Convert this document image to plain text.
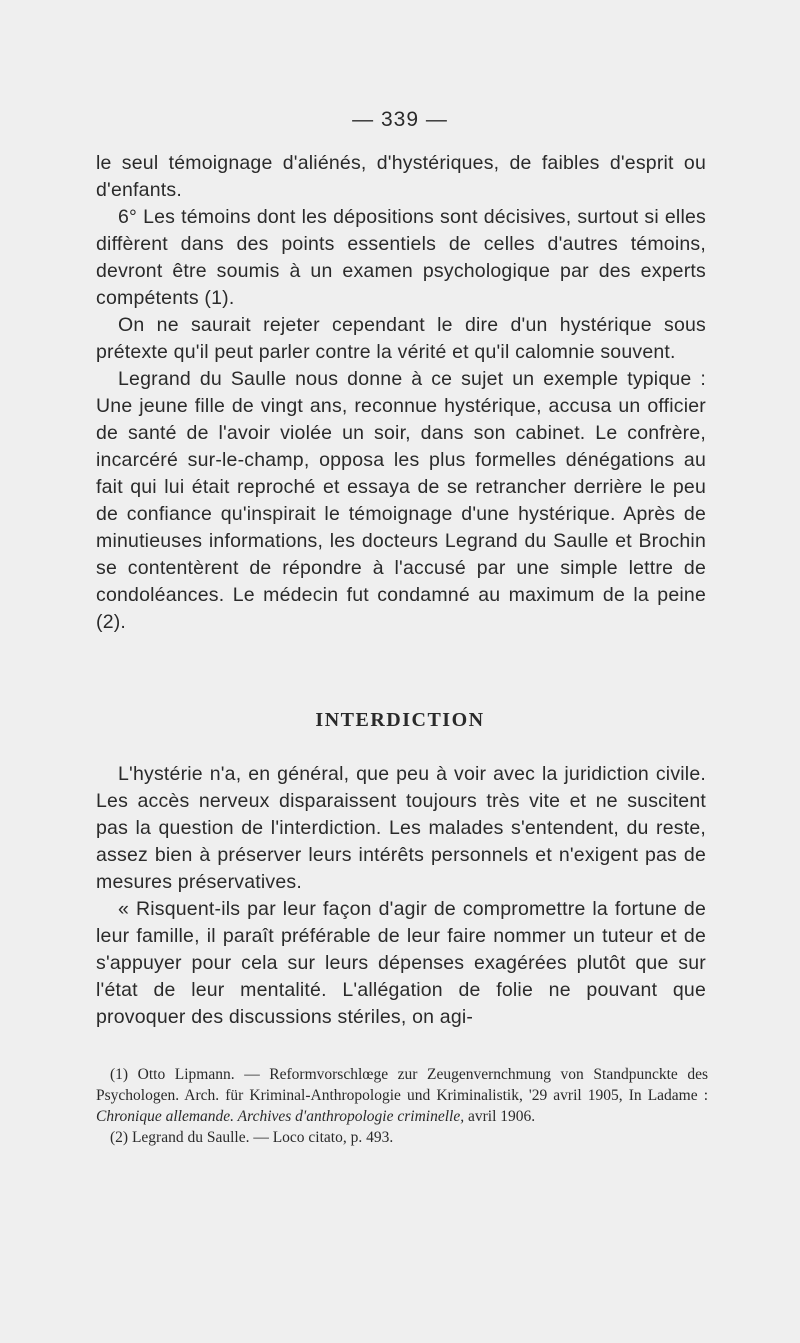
— 339 —

le seul témoignage d'aliénés, d'hystériques, de faibles d'esprit ou d'enfants.

6° Les témoins dont les dépositions sont décisives, surtout si elles diffèrent dans des points essentiels de celles d'autres témoins, devront être soumis à un examen psychologique par des experts compétents (1).

On ne saurait rejeter cependant le dire d'un hystérique sous prétexte qu'il peut parler contre la vérité et qu'il calomnie souvent.

Legrand du Saulle nous donne à ce sujet un exemple typique : Une jeune fille de vingt ans, reconnue hystérique, accusa un officier de santé de l'avoir violée un soir, dans son cabinet. Le confrère, incarcéré sur-le-champ, opposa les plus formelles dénégations au fait qui lui était reproché et essaya de se retrancher derrière le peu de confiance qu'inspirait le témoignage d'une hystérique. Après de minutieuses informations, les docteurs Legrand du Saulle et Brochin se contentèrent de répondre à l'accusé par une simple lettre de condoléances. Le médecin fut condamné au maximum de la peine (2).

INTERDICTION

L'hystérie n'a, en général, que peu à voir avec la juridiction civile. Les accès nerveux disparaissent toujours très vite et ne suscitent pas la question de l'interdiction. Les malades s'entendent, du reste, assez bien à préserver leurs intérêts personnels et n'exigent pas de mesures préservatives.

« Risquent-ils par leur façon d'agir de compromettre la fortune de leur famille, il paraît préférable de leur faire nommer un tuteur et de s'appuyer pour cela sur leurs dépenses exagérées plutôt que sur l'état de leur mentalité. L'allégation de folie ne pouvant que provoquer des discussions stériles, on agi-

(1) Otto Lipmann. — Reformvorschlœge zur Zeugenvernchmung von Standpunckte des Psychologen. Arch. für Kriminal-Anthropologie und Kriminalistik, '29 avril 1905, In Ladame : Chronique allemande. Archives d'anthropologie criminelle, avril 1906.

(2) Legrand du Saulle. — Loco citato, p. 493.
